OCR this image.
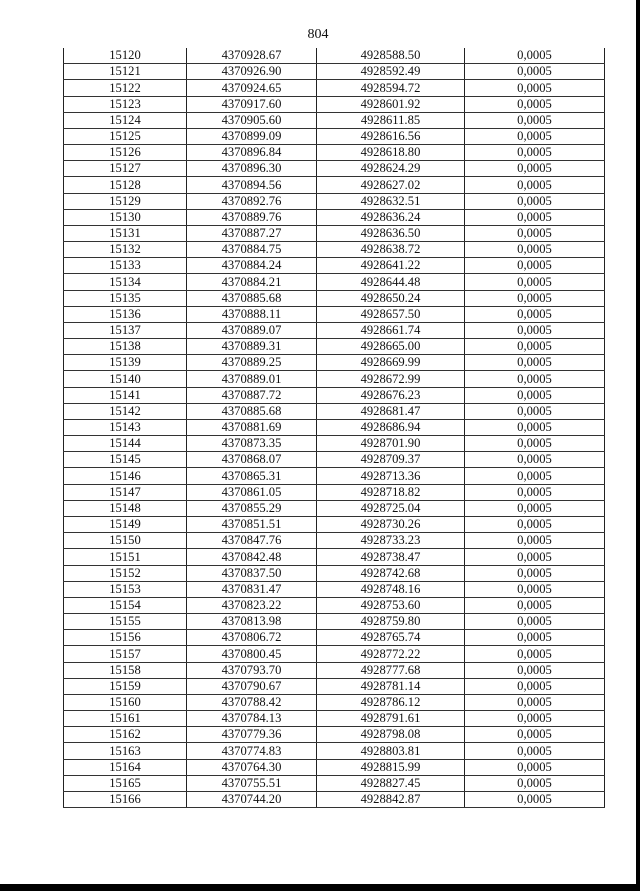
804
15120	4370928.67	4928588.50	0,0005
15121	4370926.90	4928592.49	0,0005
15122	4370924.65	4928594.72	0,0005
15123	4370917.60	4928601.92	0,0005
15124	4370905.60	4928611.85	0,0005
15125	4370899.09	4928616.56	0,0005
15126	4370896.84	4928618.80	0,0005
15127	4370896.30	4928624.29	0,0005
15128	4370894.56	4928627.02	0,0005
15129	4370892.76	4928632.51	0,0005
15130	4370889.76	4928636.24	0,0005
15131	4370887.27	4928636.50	0,0005
15132	4370884.75	4928638.72	0,0005
15133	4370884.24	4928641.22	0,0005
15134	4370884.21	4928644.48	0,0005
15135	4370885.68	4928650.24	0,0005
15136	4370888.11	4928657.50	0,0005
15137	4370889.07	4928661.74	0,0005
15138	4370889.31	4928665.00	0,0005
15139	4370889.25	4928669.99	0,0005
15140	4370889.01	4928672.99	0,0005
15141	4370887.72	4928676.23	0,0005
15142	4370885.68	4928681.47	0,0005
15143	4370881.69	4928686.94	0,0005
15144	4370873.35	4928701.90	0,0005
15145	4370868.07	4928709.37	0,0005
15146	4370865.31	4928713.36	0,0005
15147	4370861.05	4928718.82	0,0005
15148	4370855.29	4928725.04	0,0005
15149	4370851.51	4928730.26	0,0005
15150	4370847.76	4928733.23	0,0005
15151	4370842.48	4928738.47	0,0005
15152	4370837.50	4928742.68	0,0005
15153	4370831.47	4928748.16	0,0005
15154	4370823.22	4928753.60	0,0005
15155	4370813.98	4928759.80	0,0005
15156	4370806.72	4928765.74	0,0005
15157	4370800.45	4928772.22	0,0005
15158	4370793.70	4928777.68	0,0005
15159	4370790.67	4928781.14	0,0005
15160	4370788.42	4928786.12	0,0005
15161	4370784.13	4928791.61	0,0005
15162	4370779.36	4928798.08	0,0005
15163	4370774.83	4928803.81	0,0005
15164	4370764.30	4928815.99	0,0005
15165	4370755.51	4928827.45	0,0005
15166	4370744.20	4928842.87	0,0005
